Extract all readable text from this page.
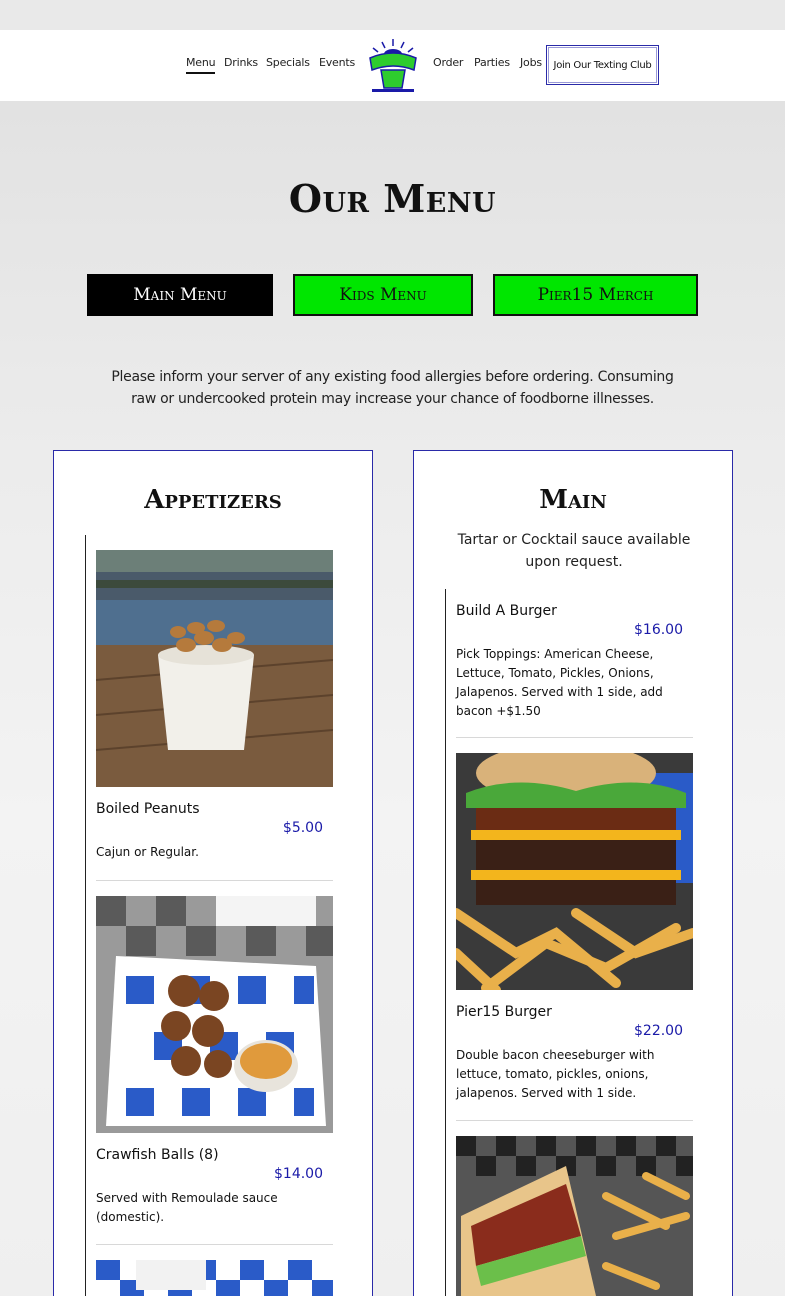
Menu Drinks Specials Events	Order Parties Jobs	Join Our Texting Club
Our Menu
Main Menu	Kids Menu	Pier15 Merch

Please inform your server of any existing food allergies before ordering. Consuming raw or undercooked protein may increase your chance of foodborne illnesses.

Appetizers
Boiled Peanuts
$5.00
Cajun or Regular.
Crawfish Balls (8)
$14.00
Served with Remoulade sauce (domestic).
Main

Tartar or Cocktail sauce available upon request.

Build A Burger
$16.00
Pick Toppings: American Cheese, Lettuce, Tomato, Pickles, Onions, Jalapenos. Served with 1 side, add bacon +$1.50
Pier15 Burger
$22.00
Double bacon cheeseburger with lettuce, tomato, pickles, onions, jalapenos. Served with 1 side.
